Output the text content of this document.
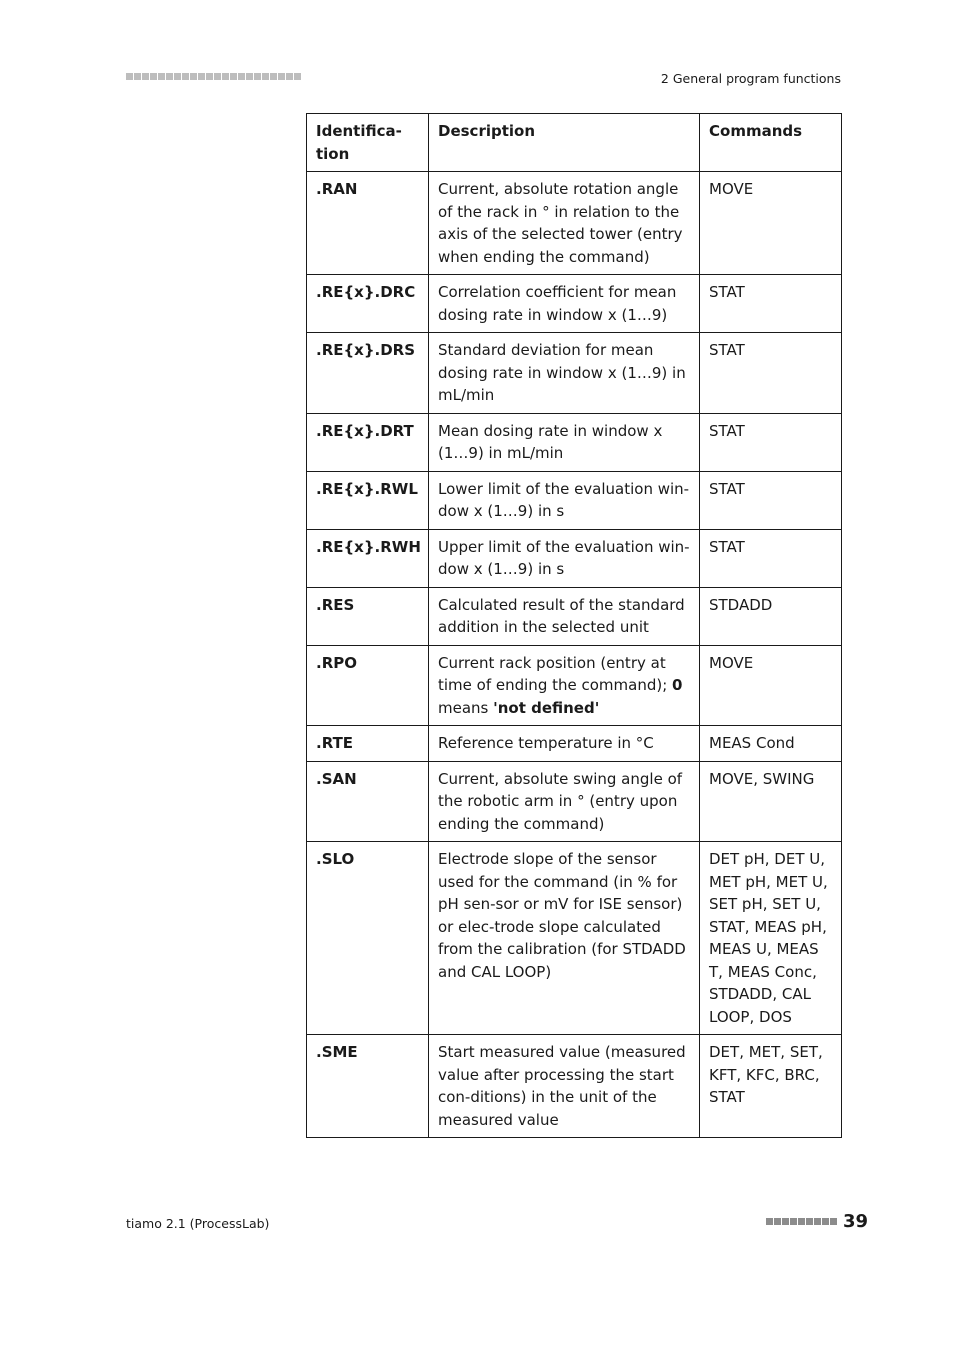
2 General program functions
Identifica-
tion	Description	Commands
.RAN	Current, absolute rotation angle of the rack in ° in relation to the axis of the selected tower (entry when ending the command)	MOVE
.RE{x}.DRC	Correlation coefficient for mean dosing rate in window x (1…9)	STAT
.RE{x}.DRS	Standard deviation for mean dosing rate in window x (1…9) in mL/min	STAT
.RE{x}.DRT	Mean dosing rate in window x (1…9) in mL/min	STAT
.RE{x}.RWL	Lower limit of the evaluation win-dow x (1…9) in s	STAT
.RE{x}.RWH	Upper limit of the evaluation win-dow x (1…9) in s	STAT
.RES	Calculated result of the standard addition in the selected unit	STDADD
.RPO	Current rack position (entry at time of ending the command); 0 means 'not defined'	MOVE
.RTE	Reference temperature in °C	MEAS Cond
.SAN	Current, absolute swing angle of the robotic arm in ° (entry upon ending the command)	MOVE, SWING
.SLO	Electrode slope of the sensor used for the command (in % for pH sen-sor or mV for ISE sensor) or elec-trode slope calculated from the calibration (for STDADD and CAL LOOP)	DET pH, DET U, MET pH, MET U, SET pH, SET U, STAT, MEAS pH, MEAS U, MEAS T, MEAS Conc, STDADD, CAL LOOP, DOS
.SME	Start measured value (measured value after processing the start con-ditions) in the unit of the measured value	DET, MET, SET, KFT, KFC, BRC, STAT
tiamo 2.1 (ProcessLab)	39
